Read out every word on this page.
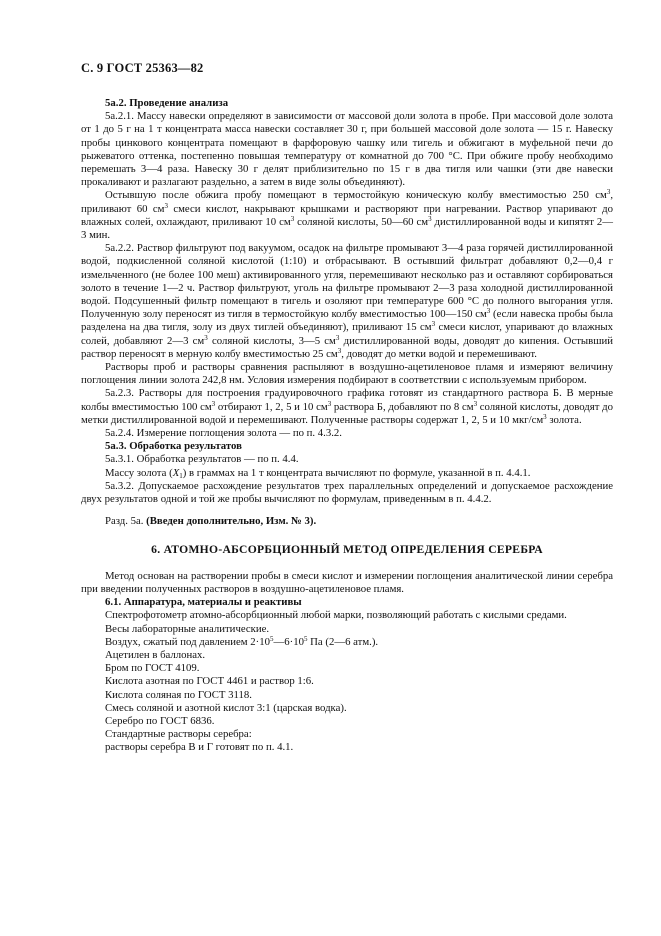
С. 9 ГОСТ 25363—82

5а.2. Проведение анализа

5а.2.1. Массу навески определяют в зависимости от массовой доли золота в пробе. При массовой доле золота от 1 до 5 г на 1 т концентрата масса навески составляет 30 г, при большей массовой доле золота — 15 г. Навеску пробы цинкового концентрата помещают в фарфоровую чашку или тигель и обжигают в муфельной печи до рыжеватого оттенка, постепенно повышая температуру от комнатной до 700 °С. При обжиге пробу необходимо перемешать 3—4 раза. Навеску 30 г делят приблизительно по 15 г в два тигля или чашки (эти две навески прокаливают и разлагают раздельно, а затем в виде золы объединяют).

Остывшую после обжига пробу помещают в термостойкую коническую колбу вместимостью 250 $см^3$, приливают 60 $см^3$ смеси кислот, накрывают крышками и растворяют при нагревании. Раствор упаривают до влажных солей, охлаждают, приливают 10 $см^3$ соляной кислоты, 50—60 $см^3$ дистиллированной воды и кипятят 2—3 мин.

5а.2.2. Раствор фильтруют под вакуумом, осадок на фильтре промывают 3—4 раза горячей дистиллированной водой, подкисленной соляной кислотой (1:10) и отбрасывают. В остывший фильтрат добавляют 0,2—0,4 г измельченного (не более 100 меш) активированного угля, перемешивают несколько раз и оставляют сорбироваться золото в течение 1—2 ч. Раствор фильтруют, уголь на фильтре промывают 2—3 раза холодной дистиллированной водой. Подсушенный фильтр помещают в тигель и озоляют при температуре 600 °С до полного выгорания угля. Полученную золу переносят из тигля в термостойкую колбу вместимостью 100—150 $см^3$ (если навеска пробы была разделена на два тигля, золу из двух тиглей объединяют), приливают 15 $см^3$ смеси кислот, упаривают до влажных солей, добавляют 2—3 $см^3$ соляной кислоты, 3—5 $см^3$ дистиллированной воды, доводят до кипения. Остывший раствор переносят в мерную колбу вместимостью 25 $см^3$, доводят до метки водой и перемешивают.

Растворы проб и растворы сравнения распыляют в воздушно-ацетиленовое пламя и измеряют величину поглощения линии золота 242,8 нм. Условия измерения подбирают в соответствии с используемым прибором.

5а.2.3. Растворы для построения градуировочного графика готовят из стандартного раствора Б. В мерные колбы вместимостью 100 $см^3$ отбирают 1, 2, 5 и 10 $см^3$ раствора Б, добавляют по 8 $см^3$ соляной кислоты, доводят до метки дистиллированной водой и перемешивают. Полученные растворы содержат 1, 2, 5 и 10 мкг/$см^3$ золота.

5а.2.4. Измерение поглощения золота — по п. 4.3.2.

5а.3. Обработка результатов

5а.3.1. Обработка результатов — по п. 4.4.

Массу золота $(X_1)$ в граммах на 1 т концентрата вычисляют по формуле, указанной в п. 4.4.1.

5а.3.2. Допускаемое расхождение результатов трех параллельных определений и допускаемое расхождение двух результатов одной и той же пробы вычисляют по формулам, приведенным в п. 4.4.2.

Разд. 5а. (Введен дополнительно, Изм. № 3).

6. АТОМНО-АБСОРБЦИОННЫЙ МЕТОД ОПРЕДЕЛЕНИЯ СЕРЕБРА

Метод основан на растворении пробы в смеси кислот и измерении поглощения аналитической линии серебра при введении полученных растворов в воздушно-ацетиленовое пламя.

6.1. Аппаратура, материалы и реактивы

Спектрофотометр атомно-абсорбционный любой марки, позволяющий работать с кислыми средами.

Весы лабораторные аналитические.

Воздух, сжатый под давлением $2\cdot 10^5—6\cdot 10^5$ Па (2—6 атм.).

Ацетилен в баллонах.

Бром по ГОСТ 4109.

Кислота азотная по ГОСТ 4461 и раствор 1:6.

Кислота соляная по ГОСТ 3118.

Смесь соляной и азотной кислот 3:1 (царская водка).

Серебро по ГОСТ 6836.

Стандартные растворы серебра:

растворы серебра В и Г готовят по п. 4.1.
